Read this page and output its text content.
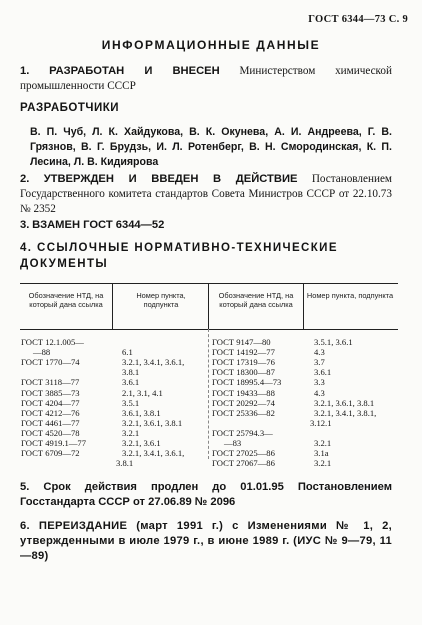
ГОСТ 6344—73 С. 9
ИНФОРМАЦИОННЫЕ ДАННЫЕ
1. РАЗРАБОТАН И ВНЕСЕН Министерством химической промышленности СССР
РАЗРАБОТЧИКИ
В. П. Чуб, Л. К. Хайдукова, В. К. Окунева, А. И. Андреева, Г. В. Грязнов, В. Г. Брудзь, И. Л. Ротенберг, В. Н. Смородинская, К. П. Лесина, Л. В. Кидиярова
2. УТВЕРЖДЕН И ВВЕДЕН В ДЕЙСТВИЕ Постановлением Государственного комитета стандартов Совета Министров СССР от 22.10.73 № 2352
3. ВЗАМЕН ГОСТ 6344—52
4. ССЫЛОЧНЫЕ НОРМАТИВНО-ТЕХНИЧЕСКИЕ ДОКУМЕНТЫ
Обозначение НТД, на который дана ссылка
Номер пункта, подпункта
Обозначение НТД, на который дана ссылка
Номер пункта, подпункта
ГОСТ 12.1.005—
—88
ГОСТ 1770—74
ГОСТ 3118—77
ГОСТ 3885—73
ГОСТ 4204—77
ГОСТ 4212—76
ГОСТ 4461—77
ГОСТ 4520—78
ГОСТ 4919.1—77
ГОСТ 6709—72
6.1
3.2.1, 3.4.1, 3.6.1,
3.8.1
3.6.1
2.1, 3.1, 4.1
3.5.1
3.6.1, 3.8.1
3.2.1, 3.6.1, 3.8.1
3.2.1
3.2.1, 3.6.1
3.2.1, 3.4.1, 3.6.1,
3.8.1
ГОСТ 9147—80
ГОСТ 14192—77
ГОСТ 17319—76
ГОСТ 18300—87
ГОСТ 18995.4—73
ГОСТ 19433—88
ГОСТ 20292—74
ГОСТ 25336—82
ГОСТ 25794.3—
—83
ГОСТ 27025—86
ГОСТ 27067—86
3.5.1, 3.6.1
4.3
3.7
3.6.1
3.3
4.3
3.2.1, 3.6.1, 3.8.1
3.2.1, 3.4.1, 3.8.1,
3.12.1
3.2.1
3.1а
3.2.1
5. Срок действия продлен до 01.01.95 Постановлением Госстандарта СССР от 27.06.89 № 2096
6. ПЕРЕИЗДАНИЕ (март 1991 г.) с Изменениями № 1, 2, утвержденными в июле 1979 г., в июне 1989 г. (ИУС № 9—79, 11—89)
